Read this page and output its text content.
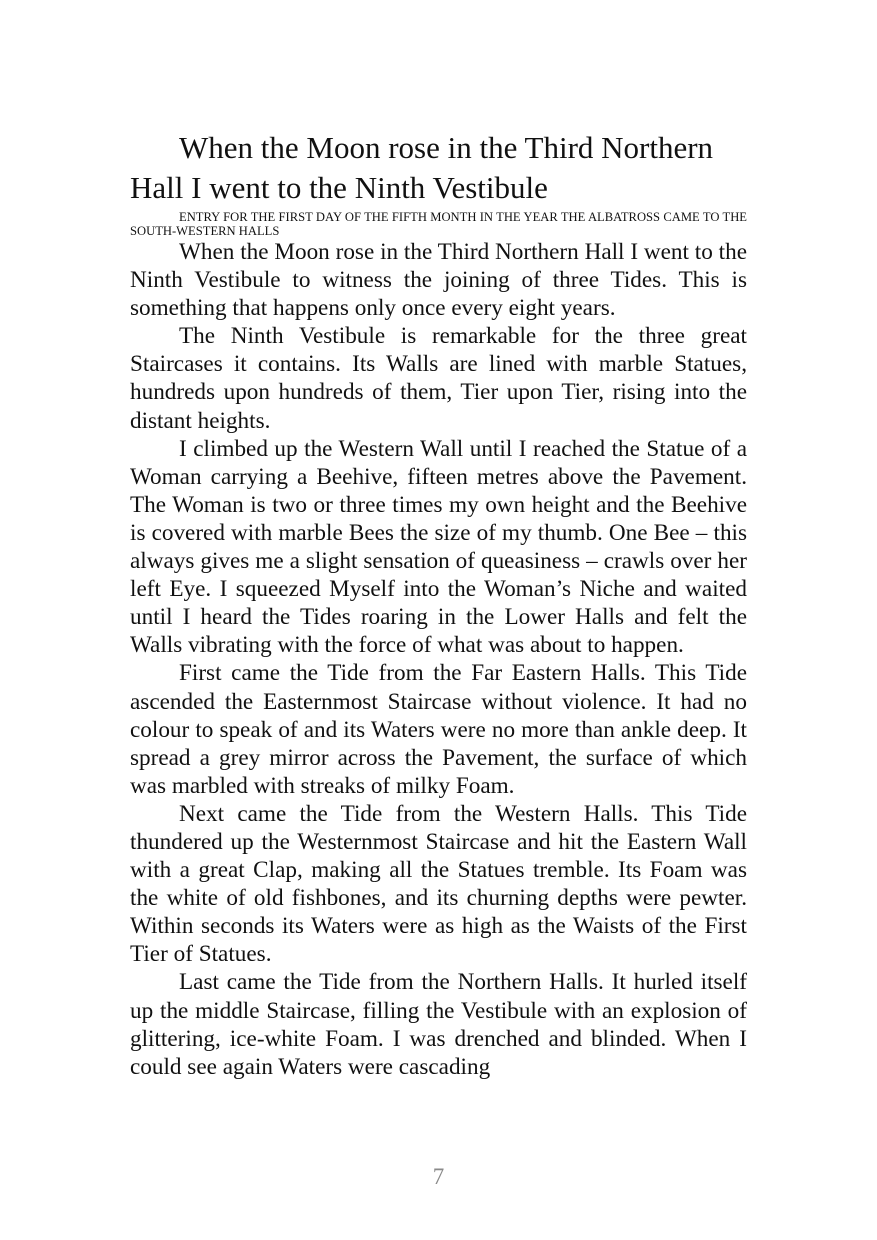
When the Moon rose in the Third Northern Hall I went to the Ninth Vestibule

ENTRY FOR THE FIRST DAY OF THE FIFTH MONTH IN THE YEAR THE ALBATROSS CAME TO THE SOUTH-WESTERN HALLS

When the Moon rose in the Third Northern Hall I went to the Ninth Vestibule to witness the joining of three Tides. This is something that happens only once every eight years.

The Ninth Vestibule is remarkable for the three great Staircases it contains. Its Walls are lined with marble Statues, hundreds upon hundreds of them, Tier upon Tier, rising into the distant heights.

I climbed up the Western Wall until I reached the Statue of a Woman carrying a Beehive, fifteen metres above the Pavement. The Woman is two or three times my own height and the Beehive is covered with marble Bees the size of my thumb. One Bee – this always gives me a slight sensation of queasiness – crawls over her left Eye. I squeezed Myself into the Woman’s Niche and waited until I heard the Tides roaring in the Lower Halls and felt the Walls vibrating with the force of what was about to happen.

First came the Tide from the Far Eastern Halls. This Tide ascended the Easternmost Staircase without violence. It had no colour to speak of and its Waters were no more than ankle deep. It spread a grey mirror across the Pavement, the surface of which was marbled with streaks of milky Foam.

Next came the Tide from the Western Halls. This Tide thundered up the Westernmost Staircase and hit the Eastern Wall with a great Clap, making all the Statues tremble. Its Foam was the white of old fishbones, and its churning depths were pewter. Within seconds its Waters were as high as the Waists of the First Tier of Statues.

Last came the Tide from the Northern Halls. It hurled itself up the middle Staircase, filling the Vestibule with an explosion of glittering, ice-white Foam. I was drenched and blinded. When I could see again Waters were cascading

7
